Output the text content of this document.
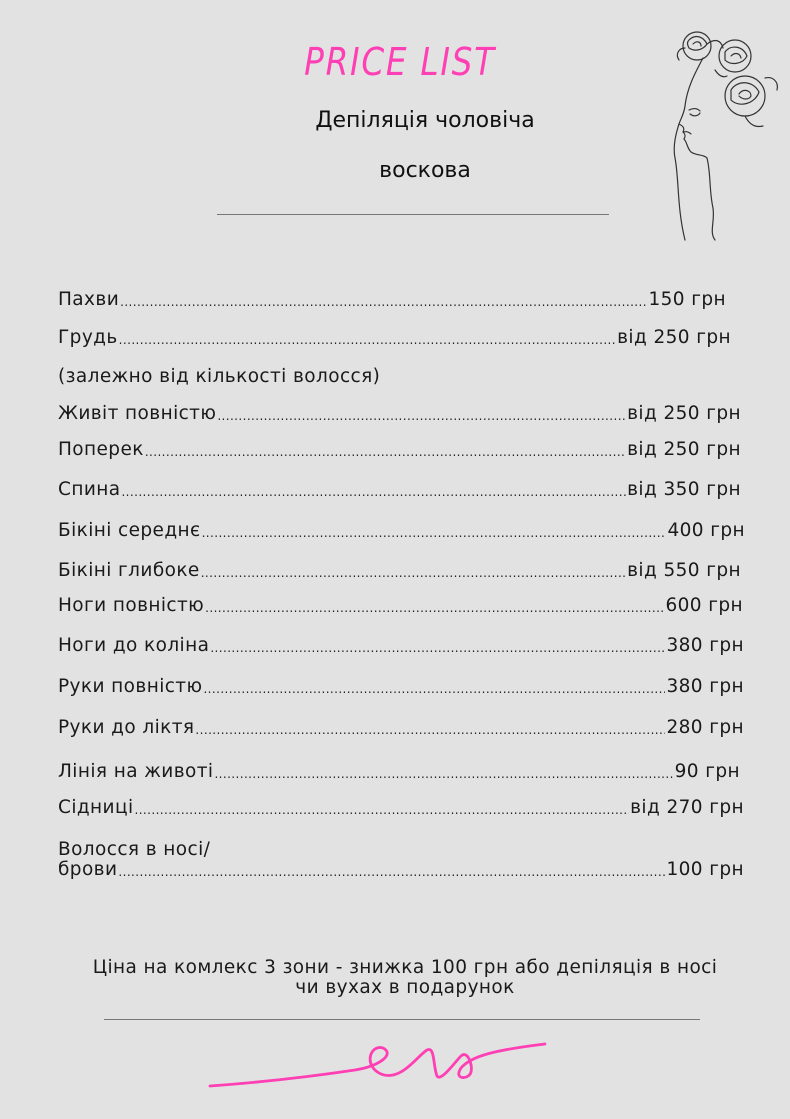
PRICE LIST
Депіляція чоловіча
воскова
Пахви .....	150 грн
Грудь .....	від 250 грн
(залежно від кількості волосся)
Живіт повністю .....	від 250 грн
Поперек .....	від 250 грн
Спина .....	від 350 грн
Бікіні середнє .....	400 грн
Бікіні глибоке .....	від 550 грн
Ноги повністю .....	600 грн
Ноги до коліна .....	380 грн
Руки повністю .....	380 грн
Руки до ліктя .....	280 грн
Лінія на животі .....	90 грн
Сідниці .....	від 270 грн
Волосся в носі/
брови .....	100 грн
Ціна на комлекс 3 зони - знижка 100 грн або депіляція в носі
чи вухах в подарунок
